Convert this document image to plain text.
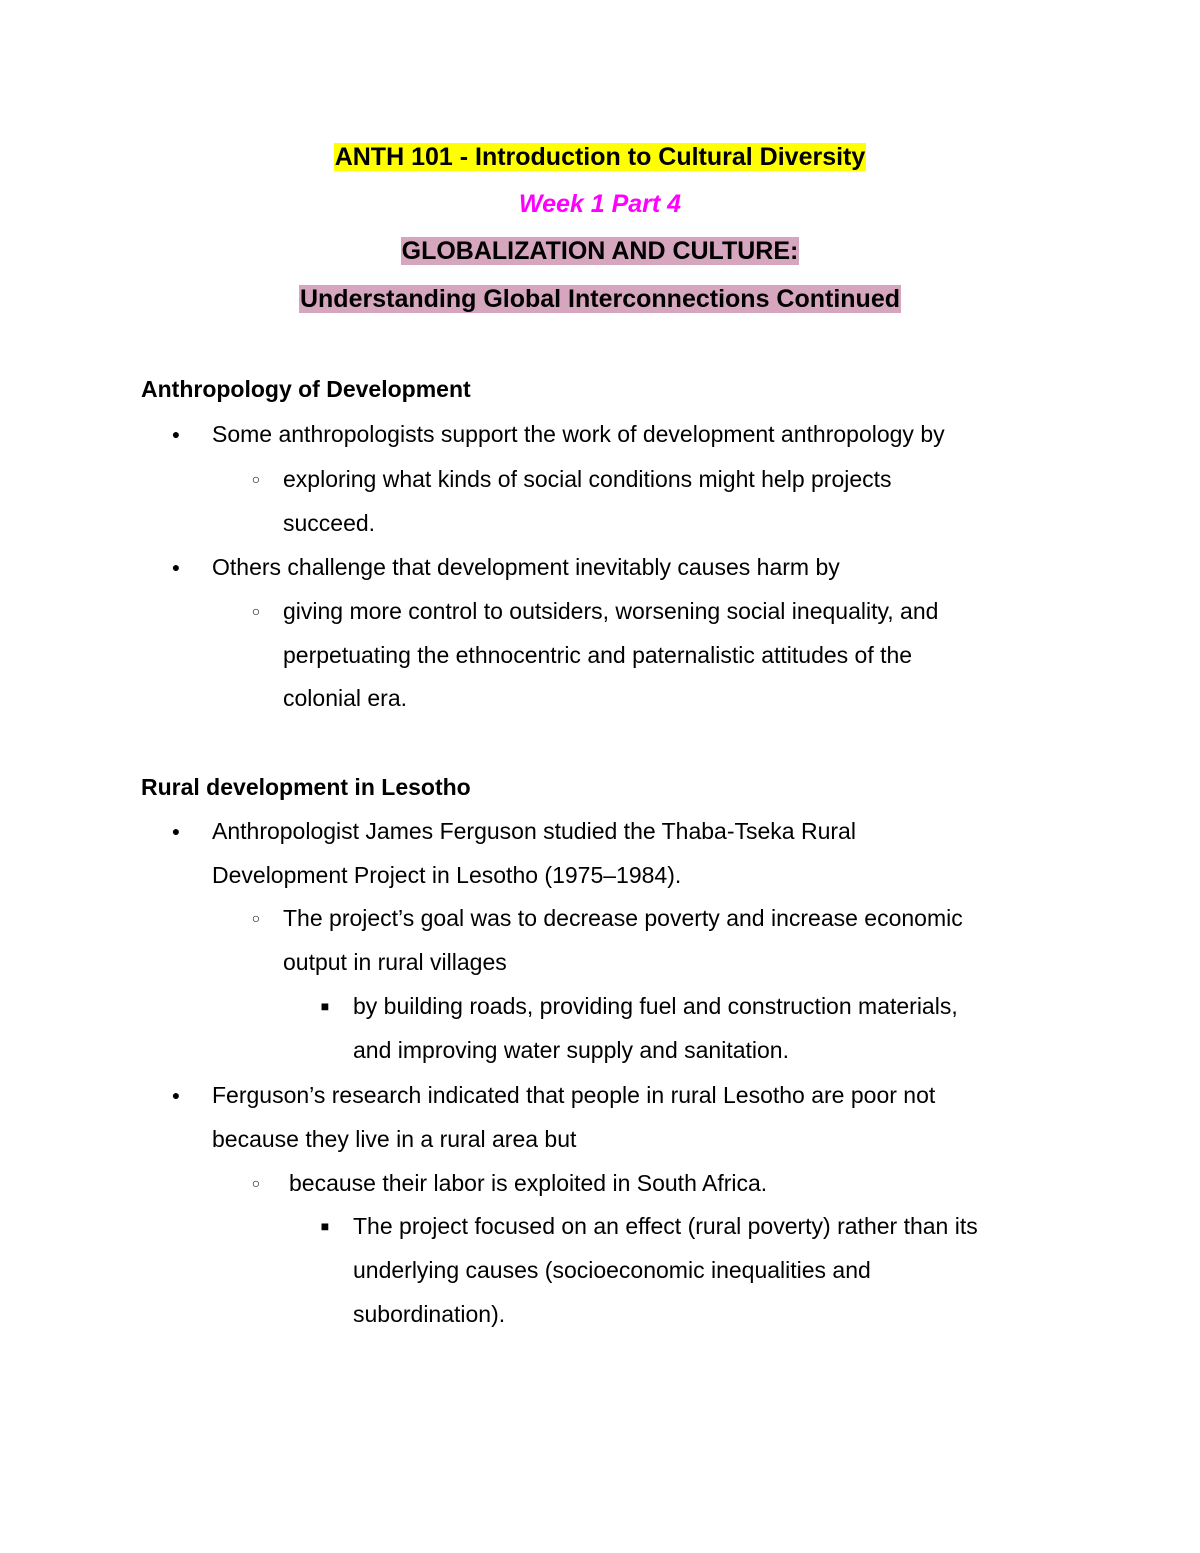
ANTH 101 - Introduction to Cultural Diversity
Week 1 Part 4
GLOBALIZATION AND CULTURE:
Understanding Global Interconnections Continued
Anthropology of Development
● Some anthropologists support the work of development anthropology by
○ exploring what kinds of social conditions might help projects
succeed.
● Others challenge that development inevitably causes harm by
○ giving more control to outsiders, worsening social inequality, and
perpetuating the ethnocentric and paternalistic attitudes of the
colonial era.
Rural development in Lesotho
● Anthropologist James Ferguson studied the Thaba-Tseka Rural
Development Project in Lesotho (1975–1984).
○ The project’s goal was to decrease poverty and increase economic
output in rural villages
■ by building roads, providing fuel and construction materials,
and improving water supply and sanitation.
● Ferguson’s research indicated that people in rural Lesotho are poor not
because they live in a rural area but
○ because their labor is exploited in South Africa.
■ The project focused on an effect (rural poverty) rather than its
underlying causes (socioeconomic inequalities and
subordination).
